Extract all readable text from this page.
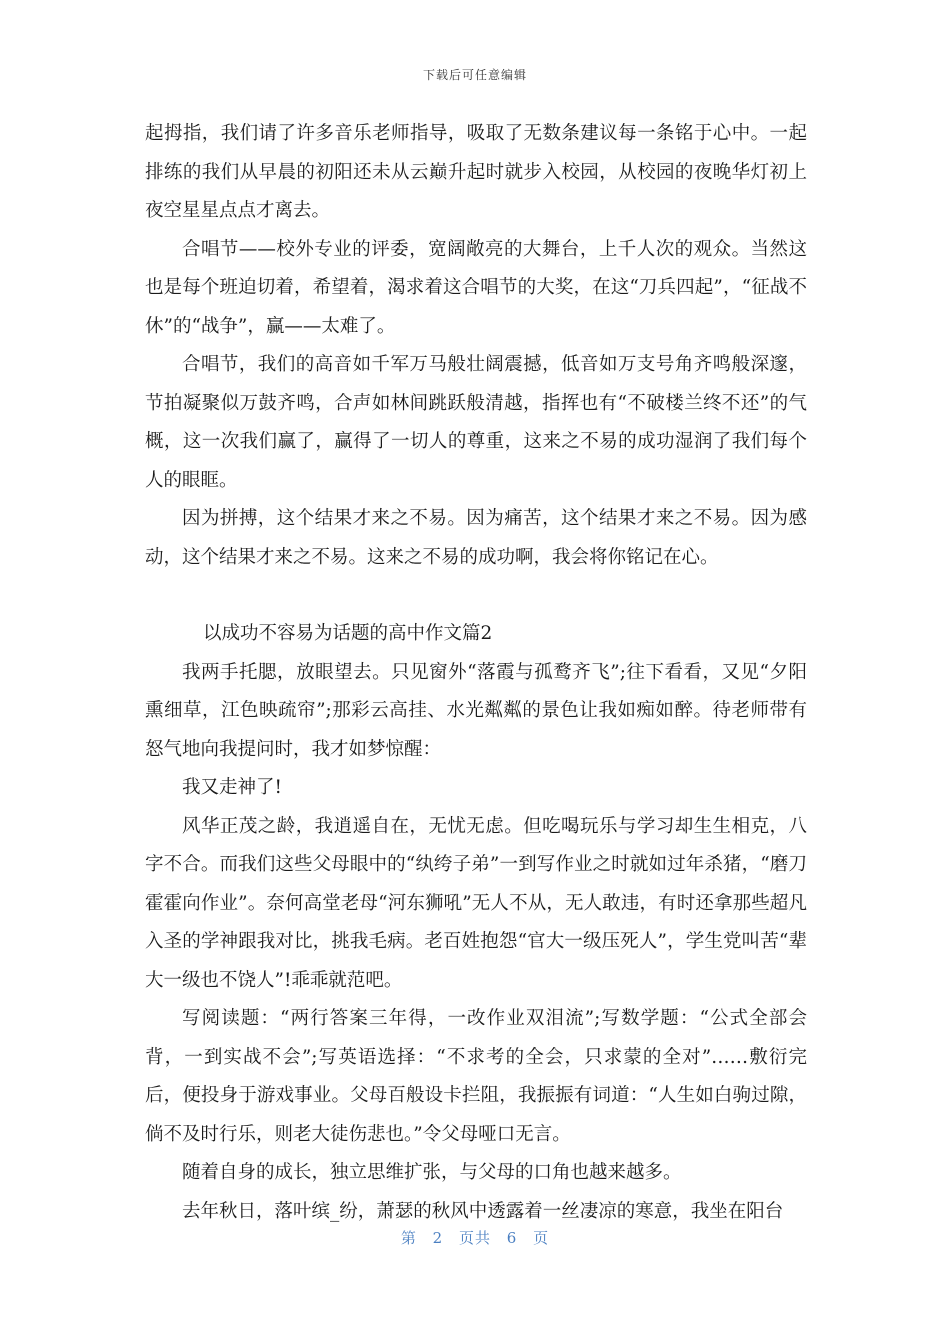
下载后可任意编辑

起拇指，我们请了许多音乐老师指导，吸取了无数条建议每一条铭于心中。一起排练的我们从早晨的初阳还未从云巅升起时就步入校园，从校园的夜晚华灯初上夜空星星点点才离去。

合唱节——校外专业的评委，宽阔敞亮的大舞台，上千人次的观众。当然这也是每个班迫切着，希望着，渴求着这合唱节的大奖，在这“刀兵四起”，“征战不休”的“战争”，赢——太难了。

合唱节，我们的高音如千军万马般壮阔震撼，低音如万支号角齐鸣般深邃，节拍凝聚似万鼓齐鸣，合声如林间跳跃般清越，指挥也有“不破楼兰终不还”的气概，这一次我们赢了，赢得了一切人的尊重，这来之不易的成功湿润了我们每个人的眼眶。

因为拼搏，这个结果才来之不易。因为痛苦，这个结果才来之不易。因为感动，这个结果才来之不易。这来之不易的成功啊，我会将你铭记在心。

以成功不容易为话题的高中作文篇2

我两手托腮，放眼望去。只见窗外“落霞与孤鹜齐飞”;往下看看，又见“夕阳熏细草，江色映疏帘”;那彩云高挂、水光粼粼的景色让我如痴如醉。待老师带有怒气地向我提问时，我才如梦惊醒：

我又走神了!

风华正茂之龄，我逍遥自在，无忧无虑。但吃喝玩乐与学习却生生相克，八字不合。而我们这些父母眼中的“纨绔子弟”一到写作业之时就如过年杀猪，“磨刀霍霍向作业”。奈何高堂老母“河东狮吼”无人不从，无人敢违，有时还拿那些超凡入圣的学神跟我对比，挑我毛病。老百姓抱怨“官大一级压死人”，学生党叫苦“辈大一级也不饶人”!乖乖就范吧。

写阅读题：“两行答案三年得，一改作业双泪流”;写数学题：“公式全部会背，一到实战不会”;写英语选择：“不求考的全会，只求蒙的全对”……敷衍完后，便投身于游戏事业。父母百般设卡拦阻，我振振有词道：“人生如白驹过隙，倘不及时行乐，则老大徒伤悲也。”令父母哑口无言。

随着自身的成长，独立思维扩张，与父母的口角也越来越多。

去年秋日，落叶缤_纷，萧瑟的秋风中透露着一丝凄凉的寒意，我坐在阳台

第 2 页共 6 页
